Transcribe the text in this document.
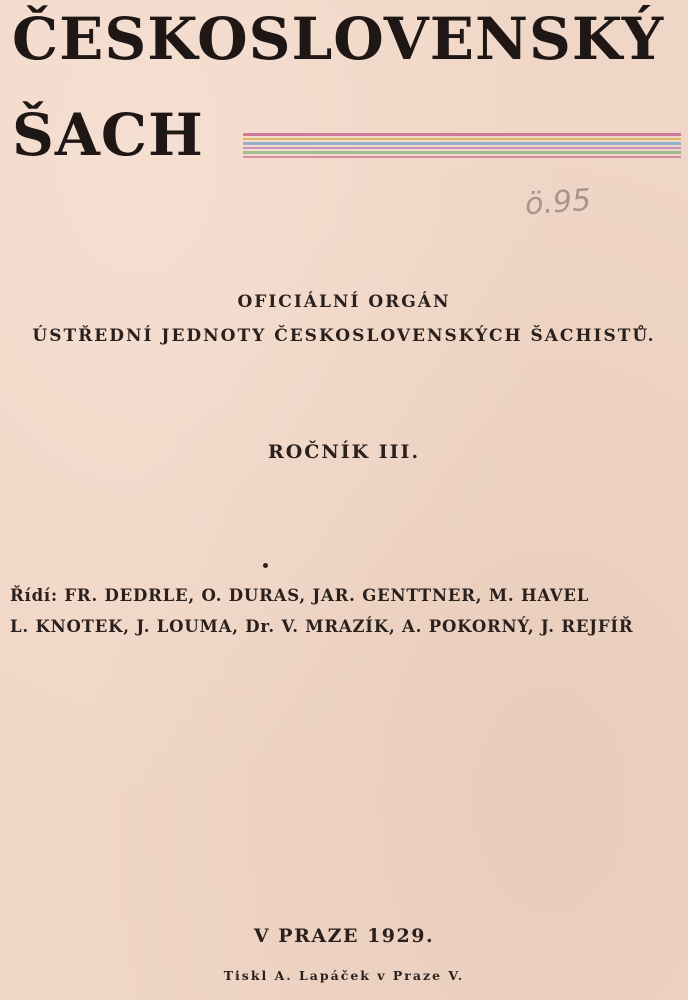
ČESKOSLOVENSKÝ
ŠACH
ö.95
OFICIÁLNÍ ORGÁN
ÚSTŘEDNÍ JEDNOTY ČESKOSLOVENSKÝCH ŠACHISTŮ.
ROČNÍK III.
Řídí: FR. DEDRLE, O. DURAS, JAR. GENTTNER, M. HAVEL
L. KNOTEK, J. LOUMA, Dr. V. MRAZÍK, A. POKORNÝ, J. REJFÍŘ
V PRAZE 1929.
Tiskl A. Lapáček v Praze V.
